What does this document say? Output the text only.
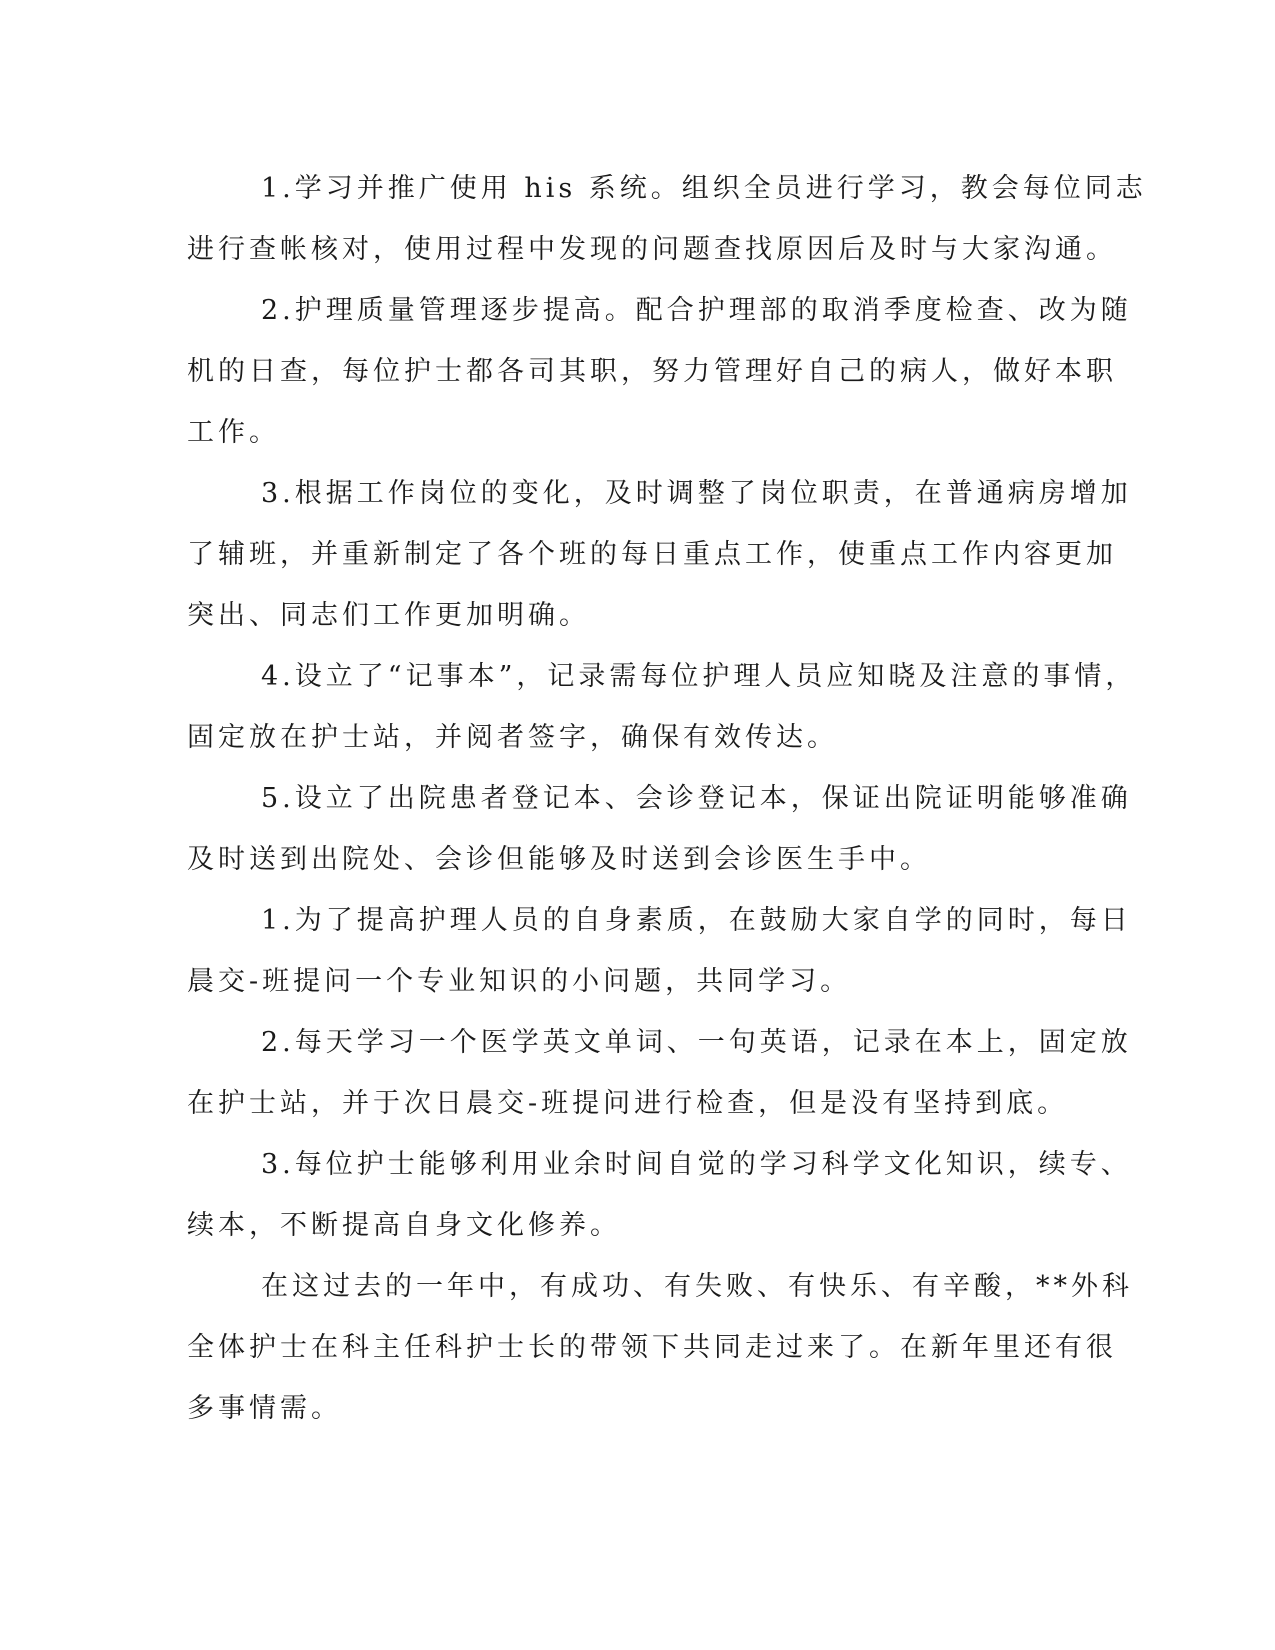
1.学习并推广使用 his 系统。组织全员进行学习，教会每位同志
进行查帐核对，使用过程中发现的问题查找原因后及时与大家沟通。

2.护理质量管理逐步提高。配合护理部的取消季度检查、改为随
机的日查，每位护士都各司其职，努力管理好自己的病人，做好本职
工作。

3.根据工作岗位的变化，及时调整了岗位职责，在普通病房增加
了辅班，并重新制定了各个班的每日重点工作，使重点工作内容更加
突出、同志们工作更加明确。

4.设立了“记事本”，记录需每位护理人员应知晓及注意的事情，
固定放在护士站，并阅者签字，确保有效传达。

5.设立了出院患者登记本、会诊登记本，保证出院证明能够准确
及时送到出院处、会诊但能够及时送到会诊医生手中。

1.为了提高护理人员的自身素质，在鼓励大家自学的同时，每日
晨交-班提问一个专业知识的小问题，共同学习。

2.每天学习一个医学英文单词、一句英语，记录在本上，固定放
在护士站，并于次日晨交-班提问进行检查，但是没有坚持到底。

3.每位护士能够利用业余时间自觉的学习科学文化知识，续专、
续本，不断提高自身文化修养。

在这过去的一年中，有成功、有失败、有快乐、有辛酸，**外科
全体护士在科主任科护士长的带领下共同走过来了。在新年里还有很
多事情需。
